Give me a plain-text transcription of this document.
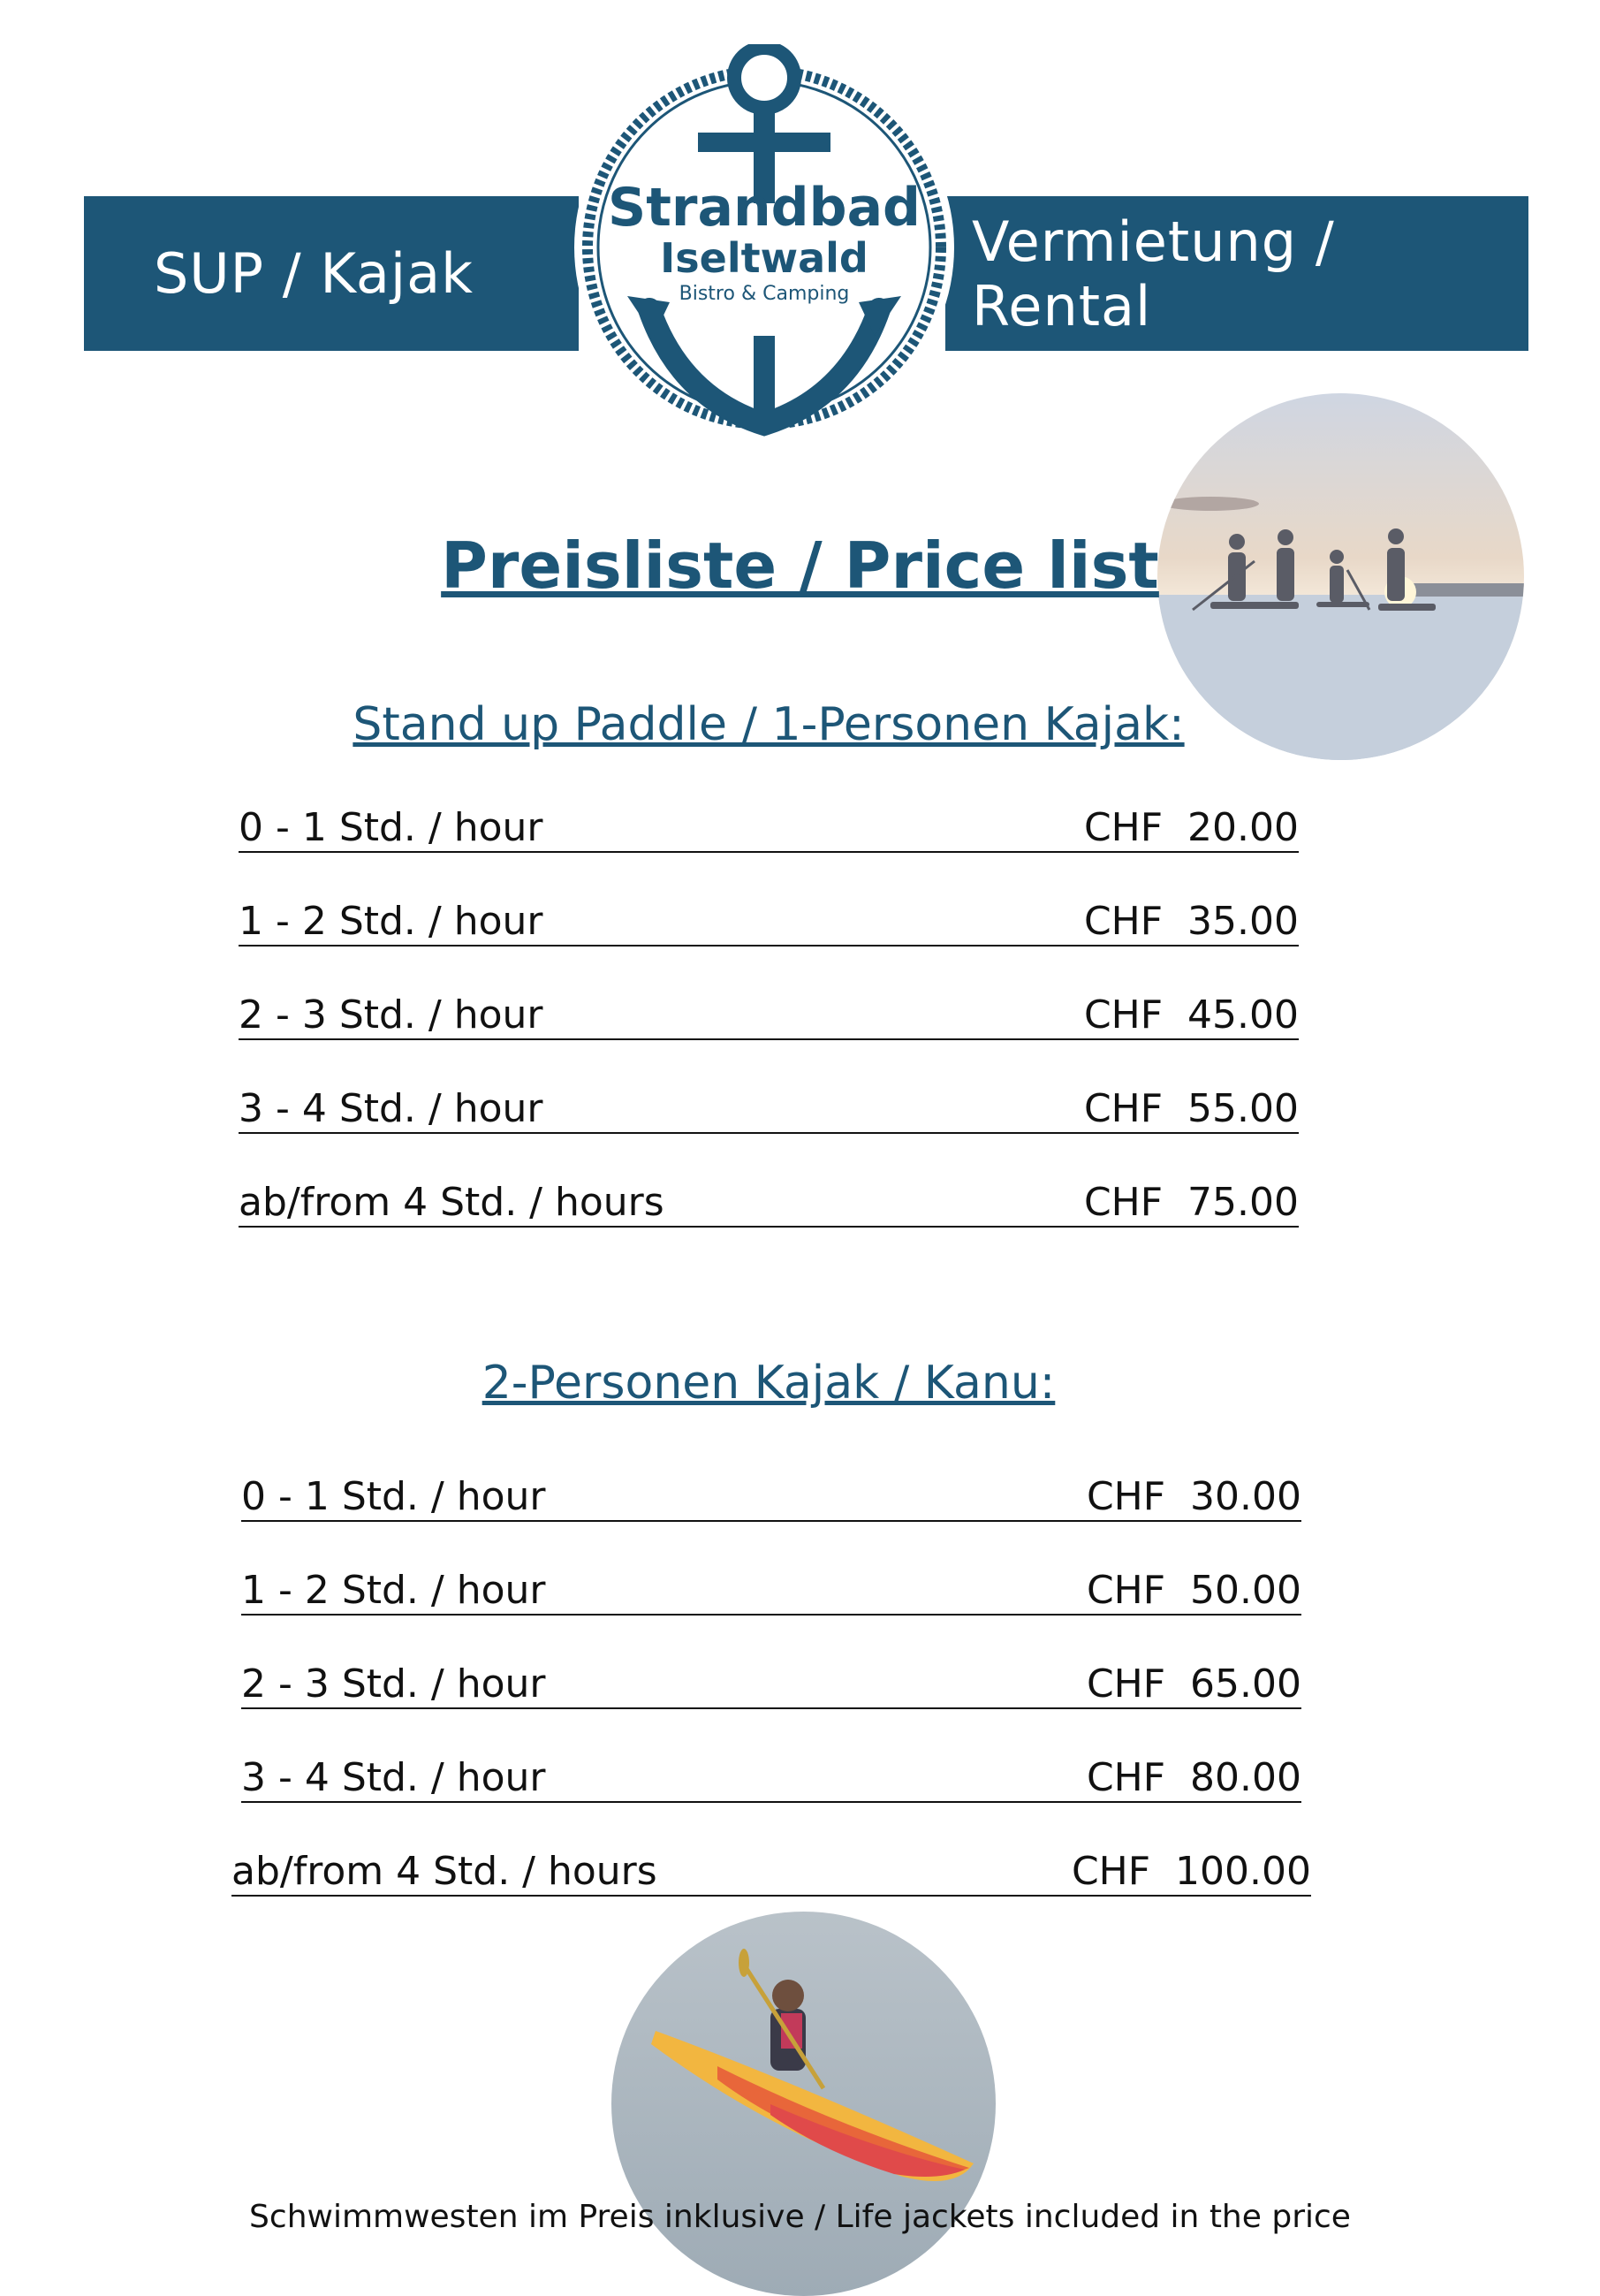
SUP / Kajak	Vermietung / Rental
Strandbad
Iseltwald
Bistro & Camping
Preisliste / Price list
Stand up Paddle / 1-Personen Kajak:
0 - 1 Std. / hour	CHF  20.00
1 - 2 Std. / hour	CHF  35.00
2 - 3 Std. / hour	CHF  45.00
3 - 4 Std. / hour	CHF  55.00
ab/from 4 Std. / hours	CHF  75.00
2-Personen Kajak / Kanu:
0 - 1 Std. / hour	CHF  30.00
1 - 2 Std. / hour	CHF  50.00
2 - 3 Std. / hour	CHF  65.00
3 - 4 Std. / hour	CHF  80.00
ab/from 4 Std. / hours	CHF  100.00
Schwimmwesten im Preis inklusive / Life jackets included in the price
